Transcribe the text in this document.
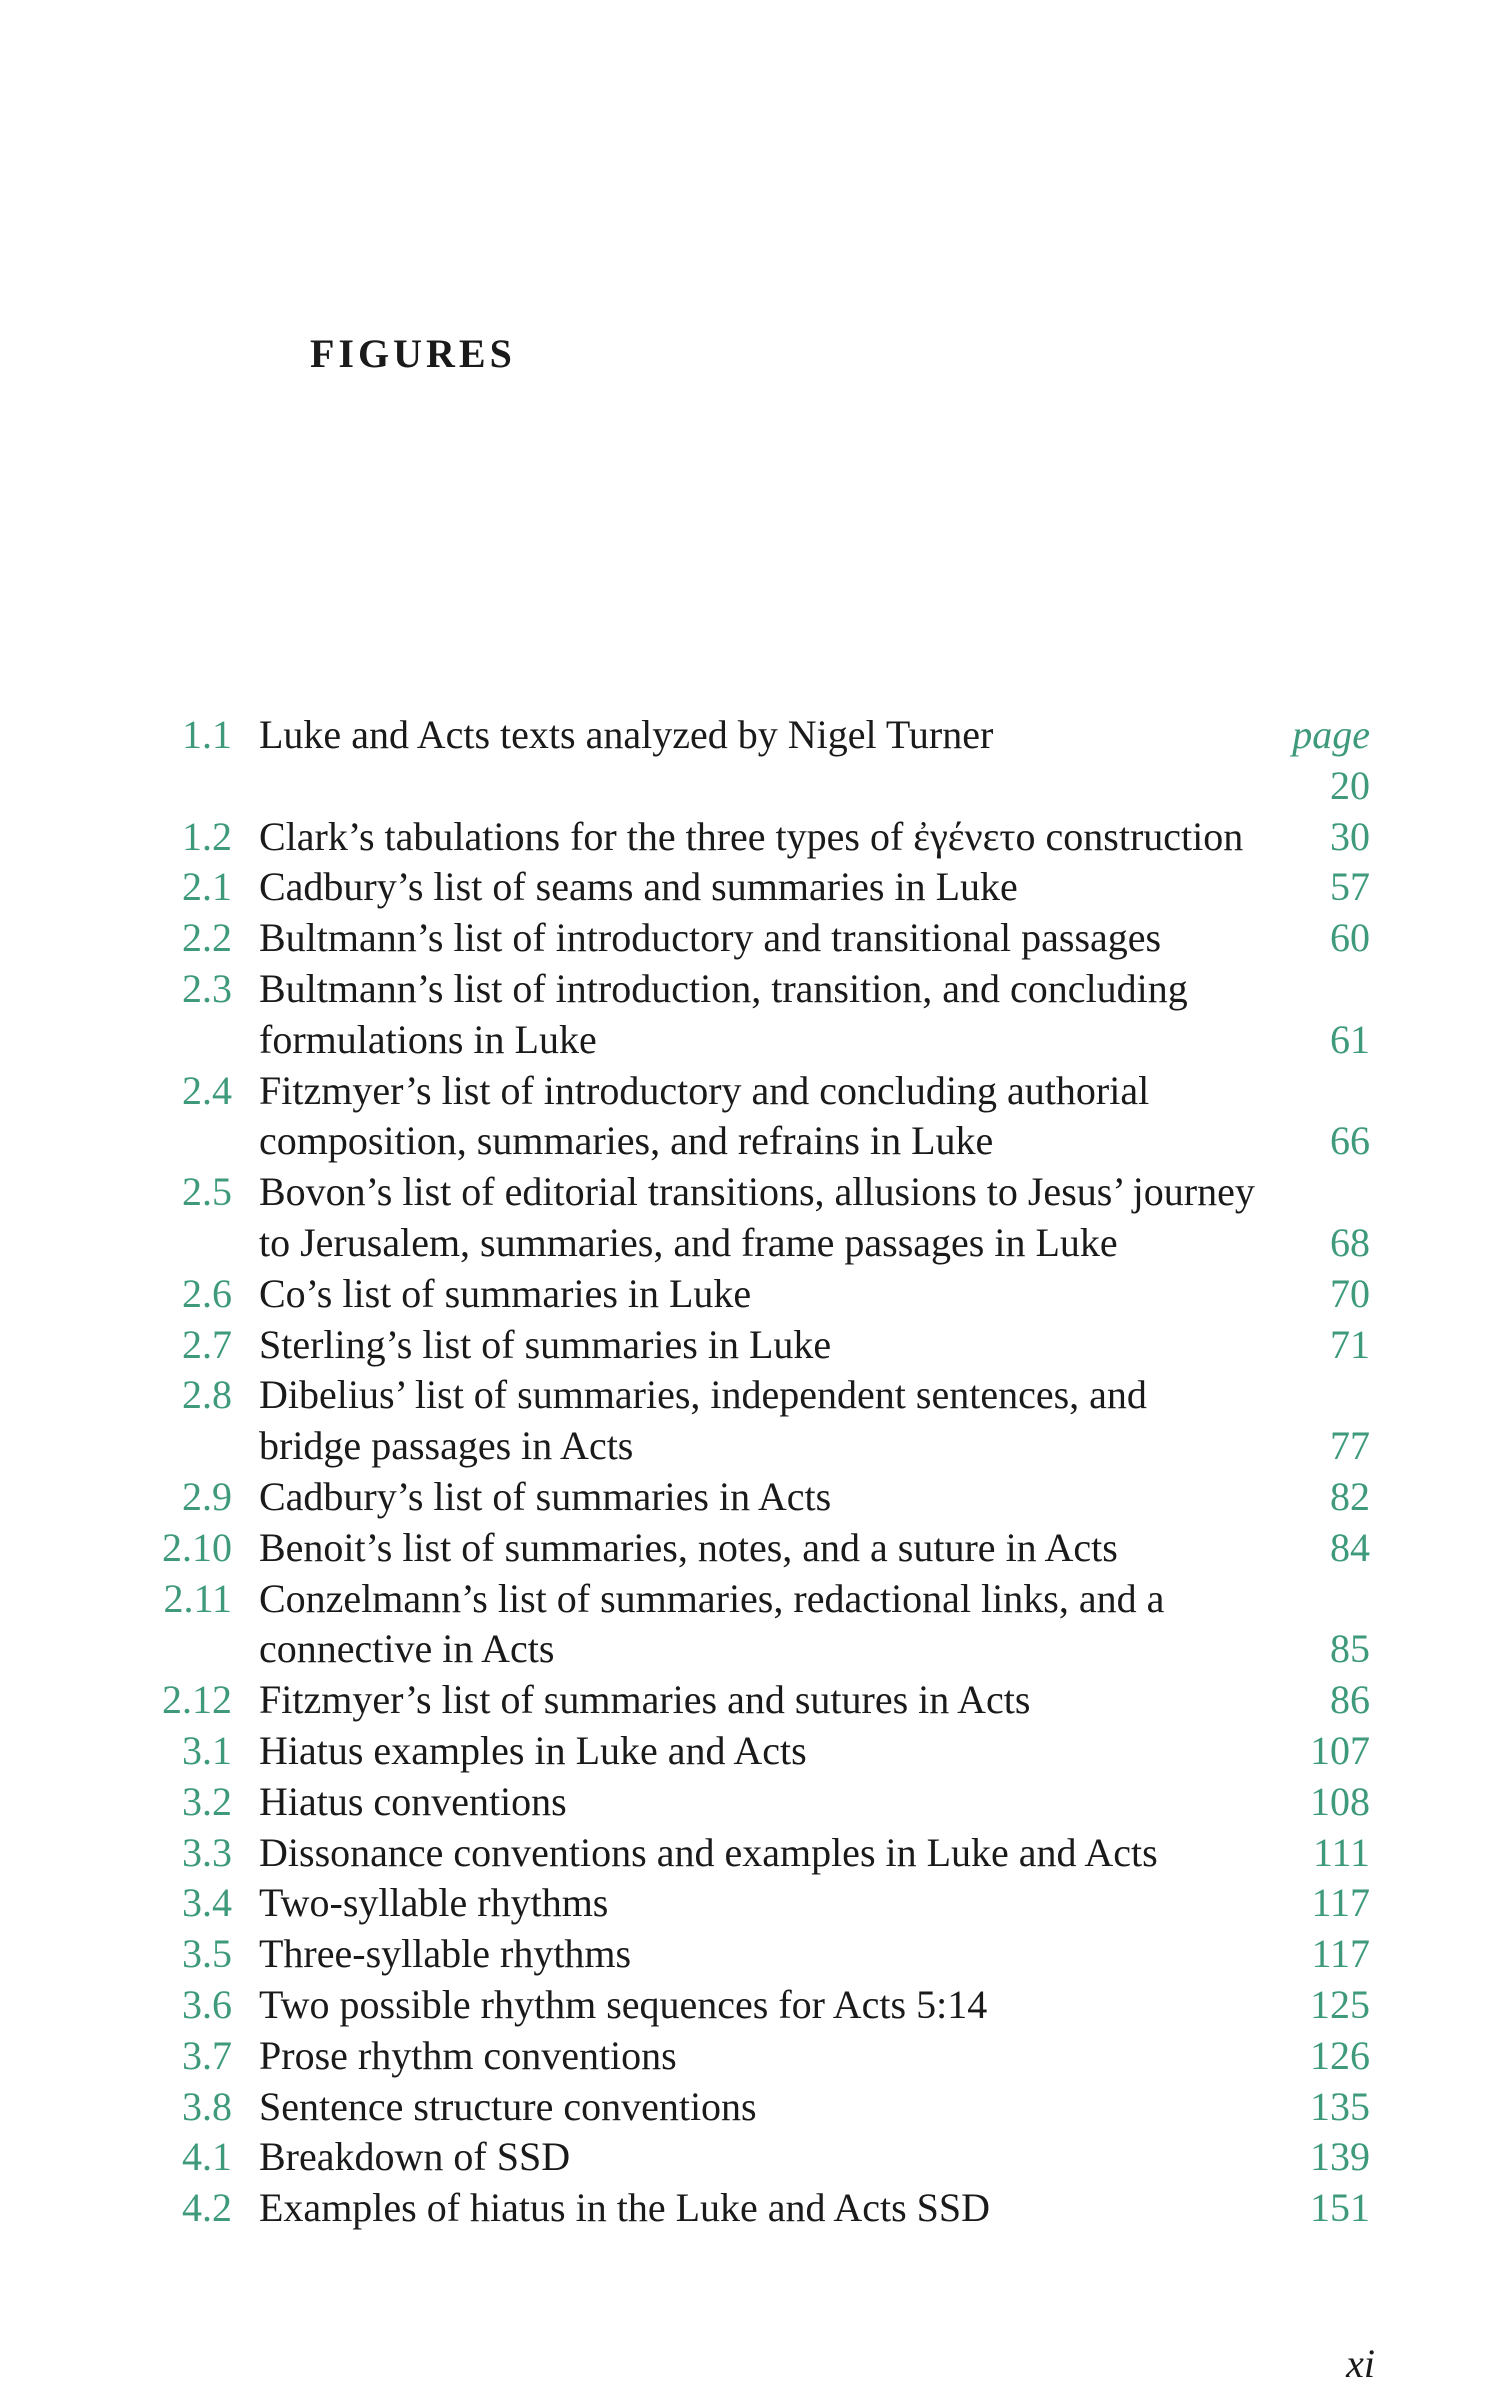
FIGURES
1.1 Luke and Acts texts analyzed by Nigel Turner	page 20
1.2 Clark’s tabulations for the three types of ἐγένετο construction	30
2.1 Cadbury’s list of seams and summaries in Luke	57
2.2 Bultmann’s list of introductory and transitional passages	60
2.3 Bultmann’s list of introduction, transition, and concluding formulations in Luke	61
2.4 Fitzmyer’s list of introductory and concluding authorial composition, summaries, and refrains in Luke	66
2.5 Bovon’s list of editorial transitions, allusions to Jesus’ journey to Jerusalem, summaries, and frame passages in Luke	68
2.6 Co’s list of summaries in Luke	70
2.7 Sterling’s list of summaries in Luke	71
2.8 Dibelius’ list of summaries, independent sentences, and bridge passages in Acts	77
2.9 Cadbury’s list of summaries in Acts	82
2.10 Benoit’s list of summaries, notes, and a suture in Acts	84
2.11 Conzelmann’s list of summaries, redactional links, and a connective in Acts	85
2.12 Fitzmyer’s list of summaries and sutures in Acts	86
3.1 Hiatus examples in Luke and Acts	107
3.2 Hiatus conventions	108
3.3 Dissonance conventions and examples in Luke and Acts	111
3.4 Two-syllable rhythms	117
3.5 Three-syllable rhythms	117
3.6 Two possible rhythm sequences for Acts 5:14	125
3.7 Prose rhythm conventions	126
3.8 Sentence structure conventions	135
4.1 Breakdown of SSD	139
4.2 Examples of hiatus in the Luke and Acts SSD	151
xi
